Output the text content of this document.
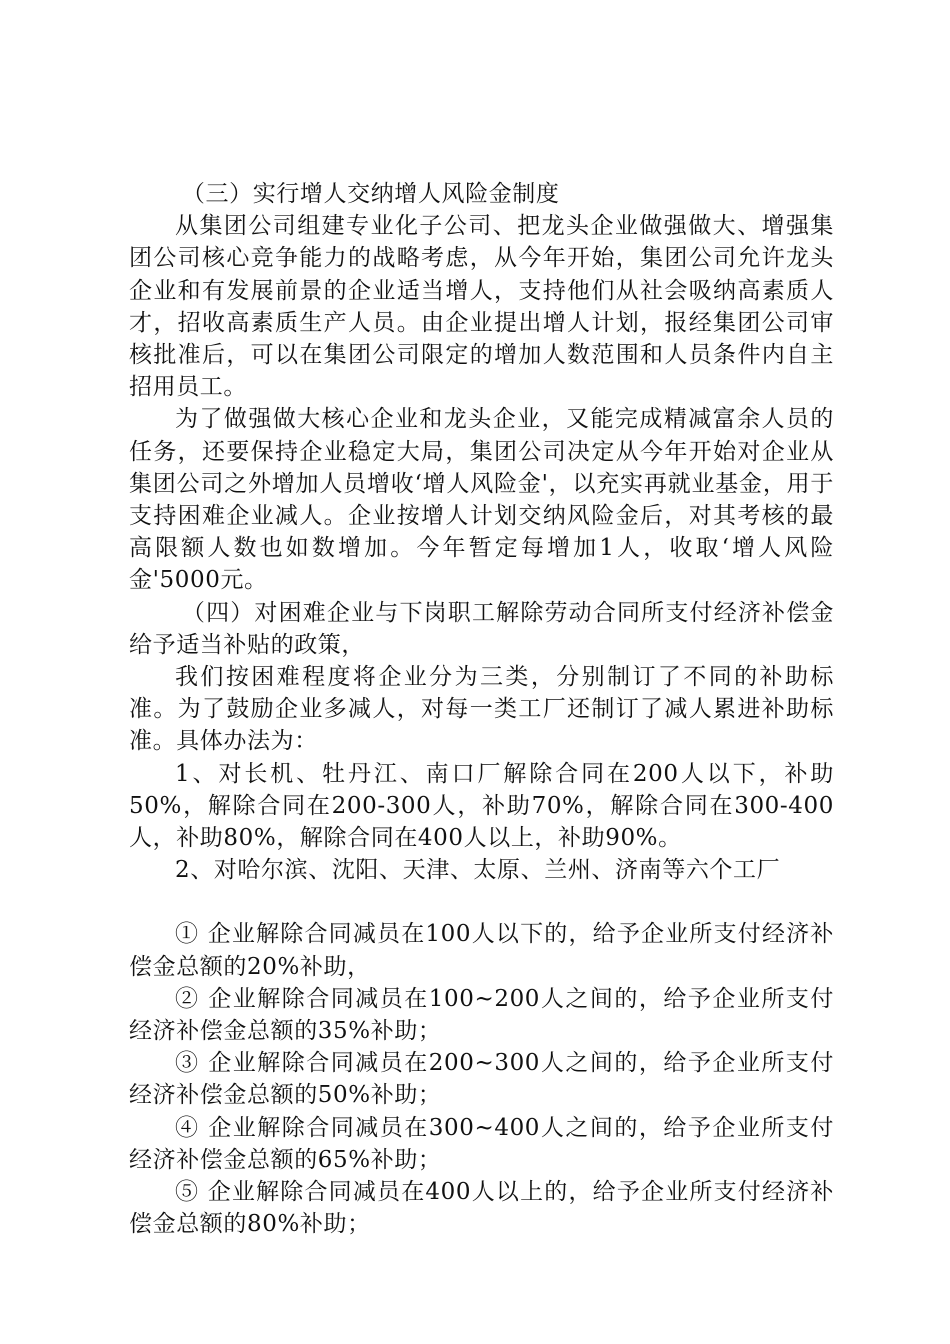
（三）实行增人交纳增人风险金制度

从集团公司组建专业化子公司、把龙头企业做强做大、增强集团公司核心竞争能力的战略考虑，从今年开始，集团公司允许龙头企业和有发展前景的企业适当增人，支持他们从社会吸纳高素质人才，招收高素质生产人员。由企业提出增人计划，报经集团公司审核批准后，可以在集团公司限定的增加人数范围和人员条件内自主招用员工。

为了做强做大核心企业和龙头企业，又能完成精减富余人员的任务，还要保持企业稳定大局，集团公司决定从今年开始对企业从集团公司之外增加人员增收‘增人风险金'，以充实再就业基金，用于支持困难企业减人。企业按增人计划交纳风险金后，对其考核的最高限额人数也如数增加。今年暂定每增加1人，收取‘增人风险金'5000元。

（四）对困难企业与下岗职工解除劳动合同所支付经济补偿金给予适当补贴的政策，

我们按困难程度将企业分为三类，分别制订了不同的补助标准。为了鼓励企业多减人，对每一类工厂还制订了减人累进补助标准。具体办法为：

1、对长机、牡丹江、南口厂解除合同在200人以下，补助50%，解除合同在200-300人，补助70%，解除合同在300-400人，补助80%，解除合同在400人以上，补助90%。

2、对哈尔滨、沈阳、天津、太原、兰州、济南等六个工厂

① 企业解除合同减员在100人以下的，给予企业所支付经济补偿金总额的20%补助，

② 企业解除合同减员在100~200人之间的，给予企业所支付经济补偿金总额的35%补助；

③ 企业解除合同减员在200~300人之间的，给予企业所支付经济补偿金总额的50%补助；

④ 企业解除合同减员在300~400人之间的，给予企业所支付经济补偿金总额的65%补助；

⑤ 企业解除合同减员在400人以上的，给予企业所支付经济补偿金总额的80%补助；
